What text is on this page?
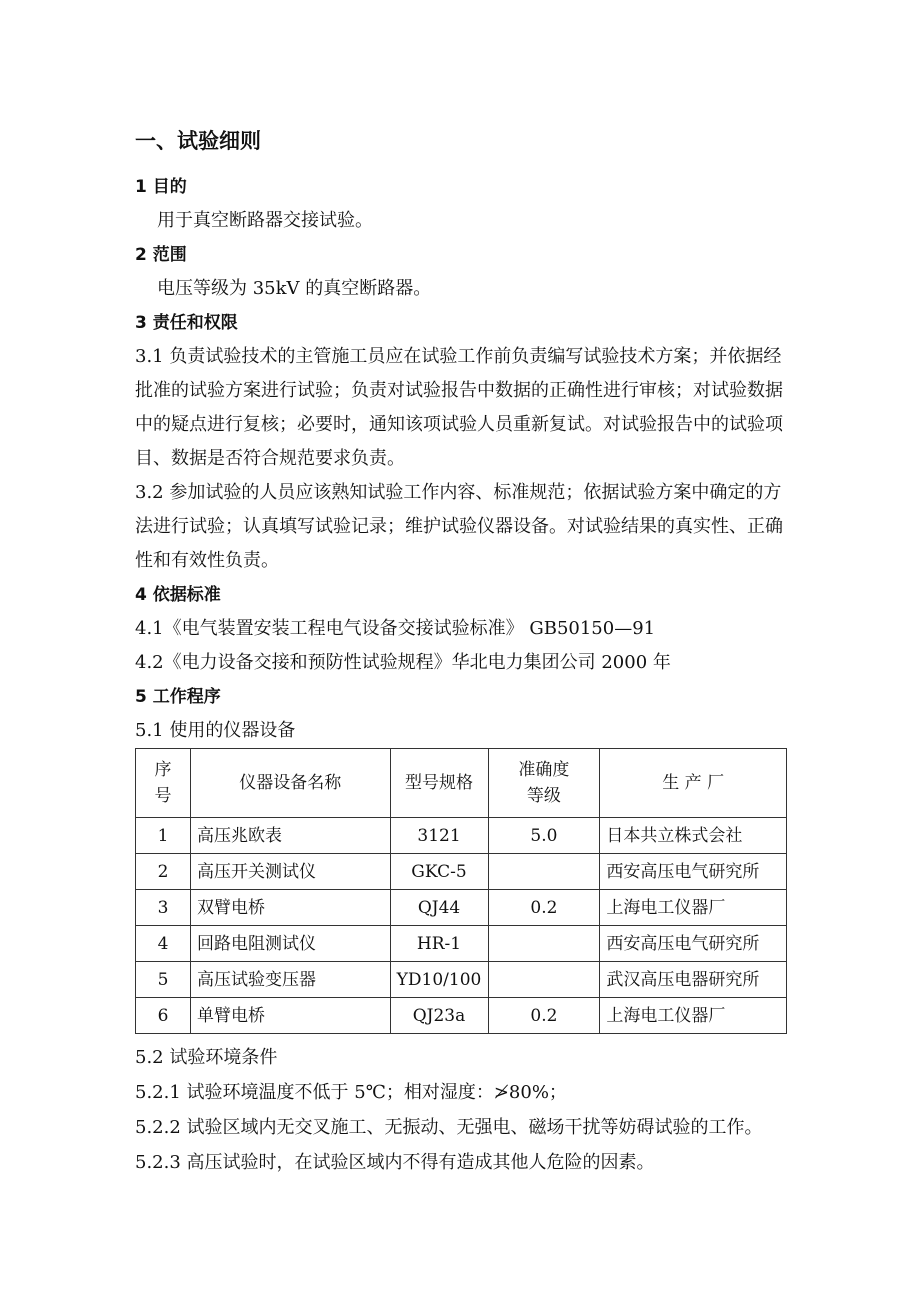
一、试验细则

1 目的

用于真空断路器交接试验。

2 范围

电压等级为 35kV 的真空断路器。

3 责任和权限

3.1 负责试验技术的主管施工员应在试验工作前负责编写试验技术方案；并依据经批准的试验方案进行试验；负责对试验报告中数据的正确性进行审核；对试验数据中的疑点进行复核；必要时，通知该项试验人员重新复试。对试验报告中的试验项目、数据是否符合规范要求负责。

3.2 参加试验的人员应该熟知试验工作内容、标准规范；依据试验方案中确定的方法进行试验；认真填写试验记录；维护试验仪器设备。对试验结果的真实性、正确性和有效性负责。

4 依据标准

4.1《电气装置安装工程电气设备交接试验标准》 GB50150—91

4.2《电力设备交接和预防性试验规程》华北电力集团公司 2000 年

5 工作程序

5.1 使用的仪器设备

序号	仪器设备名称	型号规格	准确度等级	生 产 厂
1	高压兆欧表	3121	5.0	日本共立株式会社
2	高压开关测试仪	GKC-5		西安高压电气研究所
3	双臂电桥	QJ44	0.2	上海电工仪器厂
4	回路电阻测试仪	HR-1		西安高压电气研究所
5	高压试验变压器	YD10/100		武汉高压电器研究所
6	单臂电桥	QJ23a	0.2	上海电工仪器厂

5.2 试验环境条件

5.2.1 试验环境温度不低于 5℃；相对湿度：≯80%；

5.2.2 试验区域内无交叉施工、无振动、无强电、磁场干扰等妨碍试验的工作。

5.2.3 高压试验时，在试验区域内不得有造成其他人危险的因素。
